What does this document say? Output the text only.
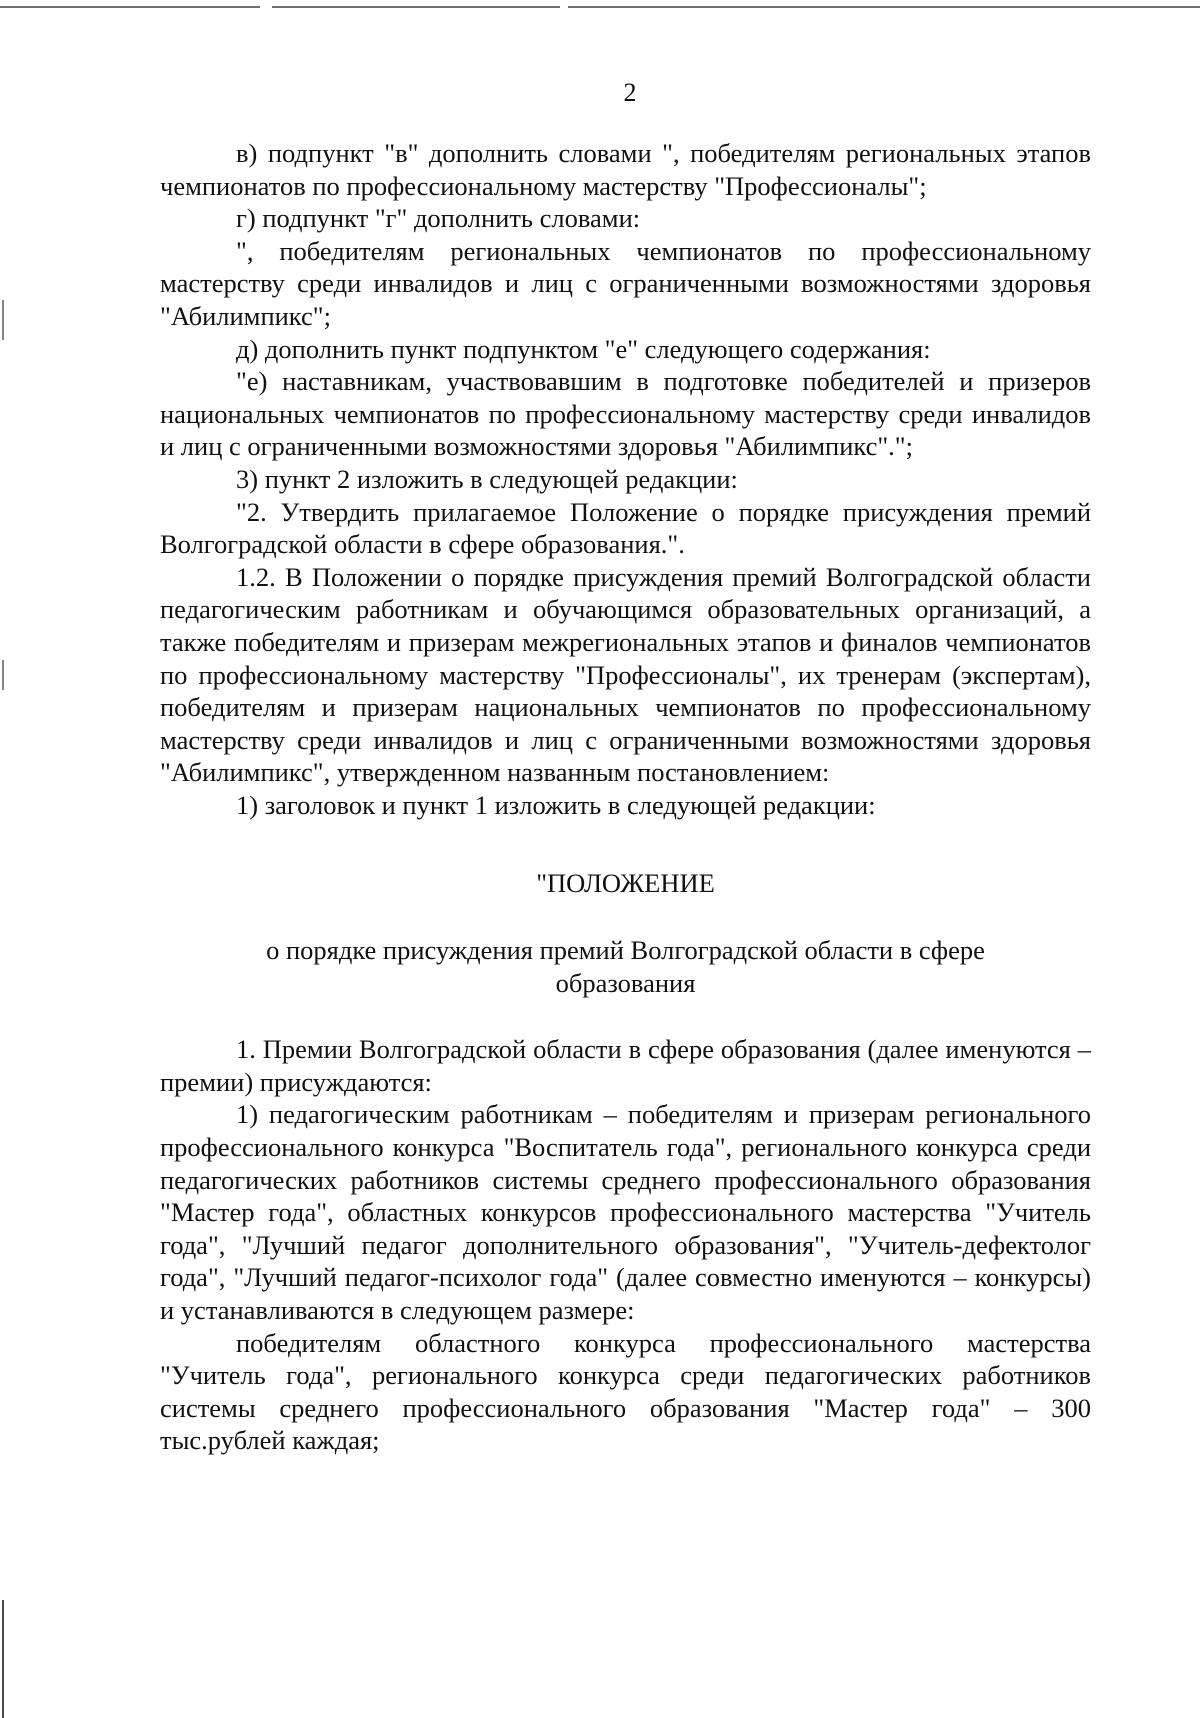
2

в) подпункт "в" дополнить словами ", победителям региональных этапов чемпионатов по профессиональному мастерству "Профессионалы";

г) подпункт "г" дополнить словами:

", победителям региональных чемпионатов по профессиональному мастерству среди инвалидов и лиц с ограниченными возможностями здоровья "Абилимпикс";

д) дополнить пункт подпунктом "е" следующего содержания:

"е) наставникам, участвовавшим в подготовке победителей и призеров национальных чемпионатов по профессиональному мастерству среди инвалидов и лиц с ограниченными возможностями здоровья "Абилимпикс".";

3) пункт 2 изложить в следующей редакции:

"2. Утвердить прилагаемое Положение о порядке присуждения премий Волгоградской области в сфере образования.".

1.2. В Положении о порядке присуждения премий Волгоградской области педагогическим работникам и обучающимся образовательных организаций, а также победителям и призерам межрегиональных этапов и финалов чемпионатов по профессиональному мастерству "Профессионалы", их тренерам (экспертам), победителям и призерам национальных чемпионатов по профессиональному мастерству среди инвалидов и лиц с ограниченными возможностями здоровья "Абилимпикс", утвержденном названным постановлением:

1) заголовок и пункт 1 изложить в следующей редакции:

"ПОЛОЖЕНИЕ

о порядке присуждения премий Волгоградской области в сфере

образования

1. Премии Волгоградской области в сфере образования (далее именуются – премии) присуждаются:

1) педагогическим работникам – победителям и призерам регионального профессионального конкурса "Воспитатель года", регионального конкурса среди педагогических работников системы среднего профессионального образования "Мастер года", областных конкурсов профессионального мастерства "Учитель года", "Лучший педагог дополнительного образования", "Учитель-дефектолог года", "Лучший педагог-психолог года" (далее совместно именуются – конкурсы) и устанавливаются в следующем размере:

победителям областного конкурса профессионального мастерства "Учитель года", регионального конкурса среди педагогических работников системы среднего профессионального образования "Мастер года" – 300 тыс.рублей каждая;
